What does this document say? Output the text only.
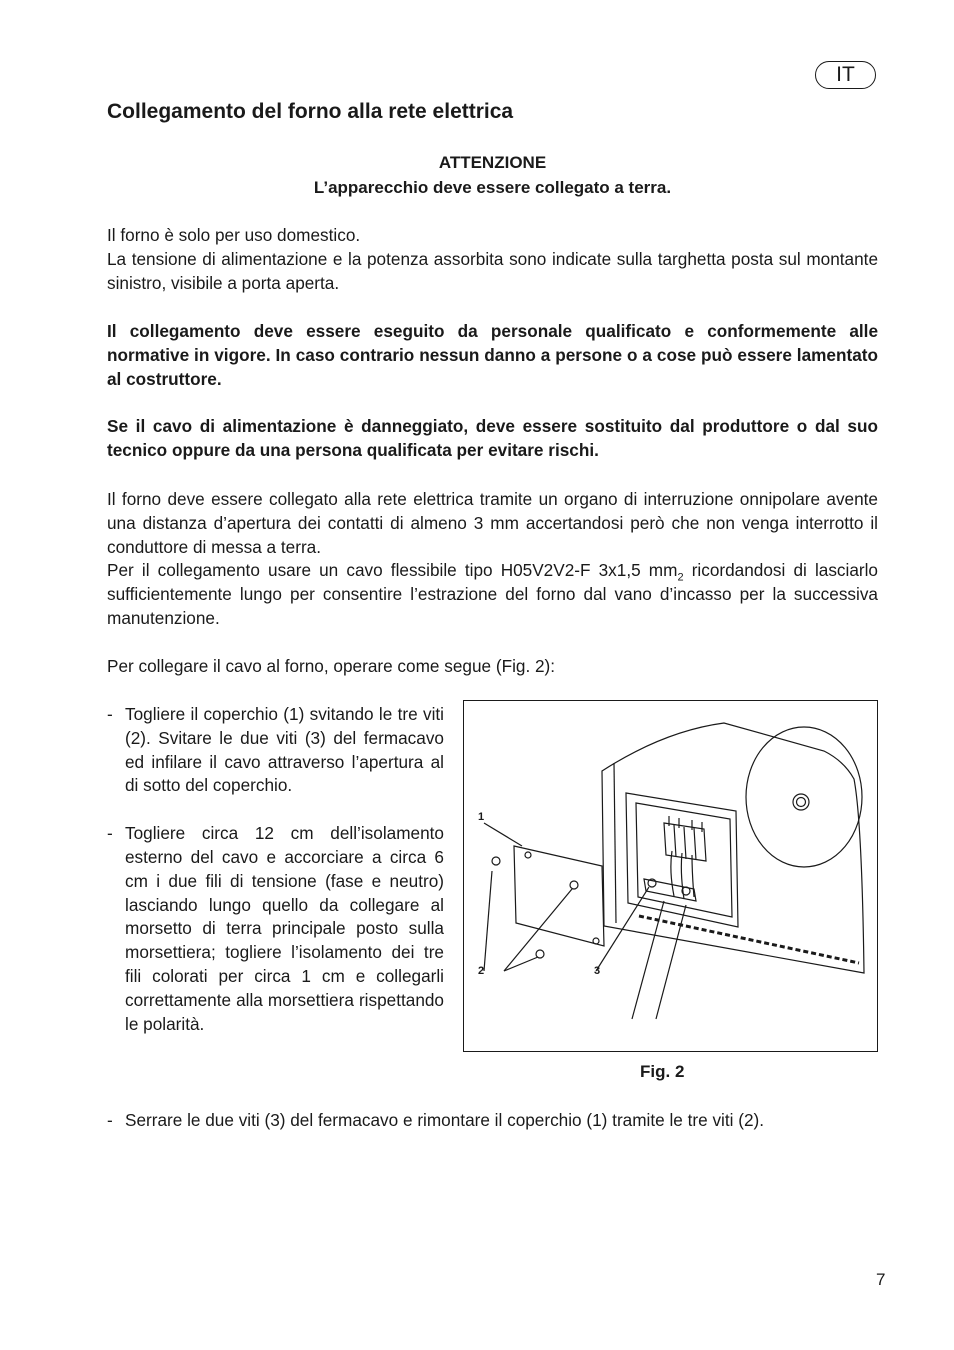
IT
Collegamento del forno alla rete elettrica
ATTENZIONE
L’apparecchio deve essere collegato a terra.
Il forno è solo per uso domestico.
La tensione di alimentazione e la potenza assorbita sono indicate sulla targhetta posta sul montante sinistro, visibile a porta aperta.

Il collegamento deve essere eseguito da personale qualificato e conformemente alle normative in vigore. In caso contrario nessun danno a persone o a cose può essere lamentato al costruttore.

Se il cavo di alimentazione è danneggiato, deve essere sostituito dal produttore o dal suo tecnico oppure da una persona qualificata per evitare rischi.

Il forno deve essere collegato alla rete elettrica tramite un organo di interruzione onnipolare avente una distanza d’apertura dei contatti di almeno 3 mm accertandosi però che non venga interrotto il conduttore di messa a terra.
Per il collegamento usare un cavo flessibile tipo H05V2V2-F 3x1,5 $mm_2$ ricordandosi di lasciarlo sufficientemente lungo per consentire l’estrazione del forno dal vano d’incasso per la successiva manutenzione.

Per collegare il cavo al forno, operare come segue (Fig. 2):

- Togliere il coperchio (1) svitando le tre viti (2). Svitare le due viti (3) del fermacavo ed infilare il cavo attraverso l’apertura al di sotto del coperchio.
- Togliere circa 12 cm dell’isolamento esterno del cavo e accorciare a circa 6 cm i due fili di tensione (fase e neutro) lasciando lungo quello da collegare al morsetto di terra principale posto sulla morsettiera; togliere l’isolamento dei tre fili colorati per circa 1 cm e collegarli correttamente alla morsettiera rispettando le polarità.
- Serrare le due viti (3) del fermacavo e rimontare il coperchio (1) tramite le tre viti (2).
1
2	3
Fig. 2
7
